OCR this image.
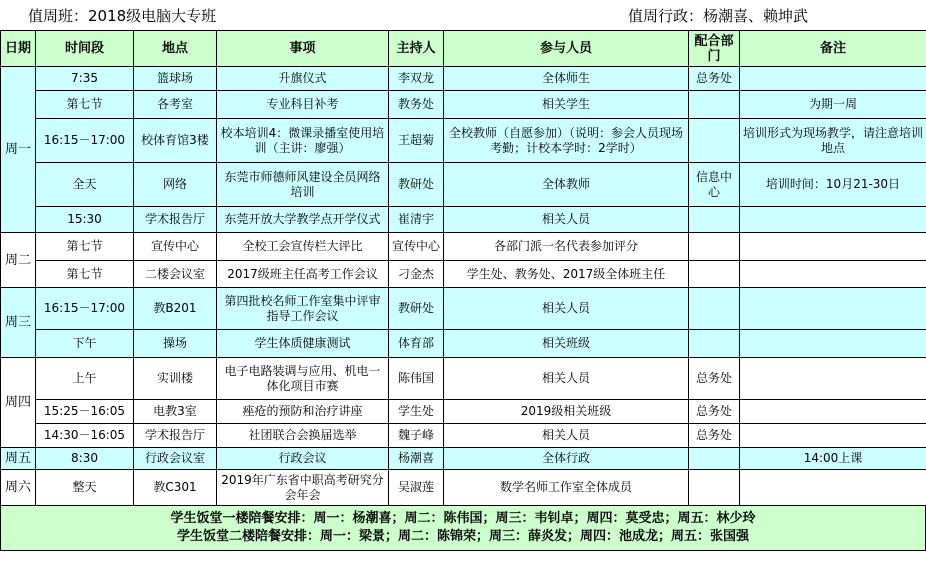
值周班：2018级电脑大专班	值周行政：杨潮喜、赖坤武
日期	时间段	地点	事项	主持人	参与人员	配合部门	备注
周一	7:35	篮球场	升旗仪式	李双龙	全体师生	总务处	
	第七节	各考室	专业科目补考	教务处	相关学生		为期一周
	16:15－17:00	校体育馆3楼	校本培训4：微课录播室使用培训（主讲：廖强）	王超菊	全校教师（自愿参加）（说明：参会人员现场考勤；计校本学时：2学时）		培训形式为现场教学，请注意培训地点
	全天	网络	东莞市师德师风建设全员网络培训	教研处	全体教师	信息中心	培训时间：10月21-30日
	15:30	学术报告厅	东莞开放大学教学点开学仪式	崔清宇	相关人员		
周二	第七节	宣传中心	全校工会宣传栏大评比	宣传中心	各部门派一名代表参加评分		
	第七节	二楼会议室	2017级班主任高考工作会议	刁金杰	学生处、教务处、2017级全体班主任		
周三	16:15－17:00	教B201	第四批校名师工作室集中评审指导工作会议	教研处	相关人员		
	下午	操场	学生体质健康测试	体育部	相关班级		
周四	上午	实训楼	电子电路装调与应用、机电一体化项目市赛	陈伟国	相关人员	总务处	
	15:25－16:05	电教3室	痤疮的预防和治疗讲座	学生处	2019级相关班级	总务处	
	14:30－16:05	学术报告厅	社团联合会换届选举	魏子峰	相关人员	总务处	
周五	8:30	行政会议室	行政会议	杨潮喜	全体行政		14:00上课
周六	整天	教C301	2019年广东省中职高考研究分会年会	吴淑莲	数学名师工作室全体成员		
学生饭堂一楼陪餐安排：周一：杨潮喜；周二：陈伟国；周三：韦钊卓；周四：莫受忠；周五：林少玲
学生饭堂二楼陪餐安排：周一：梁景；周二：陈锦荣；周三：薛炎发；周四：池成龙；周五：张国强
